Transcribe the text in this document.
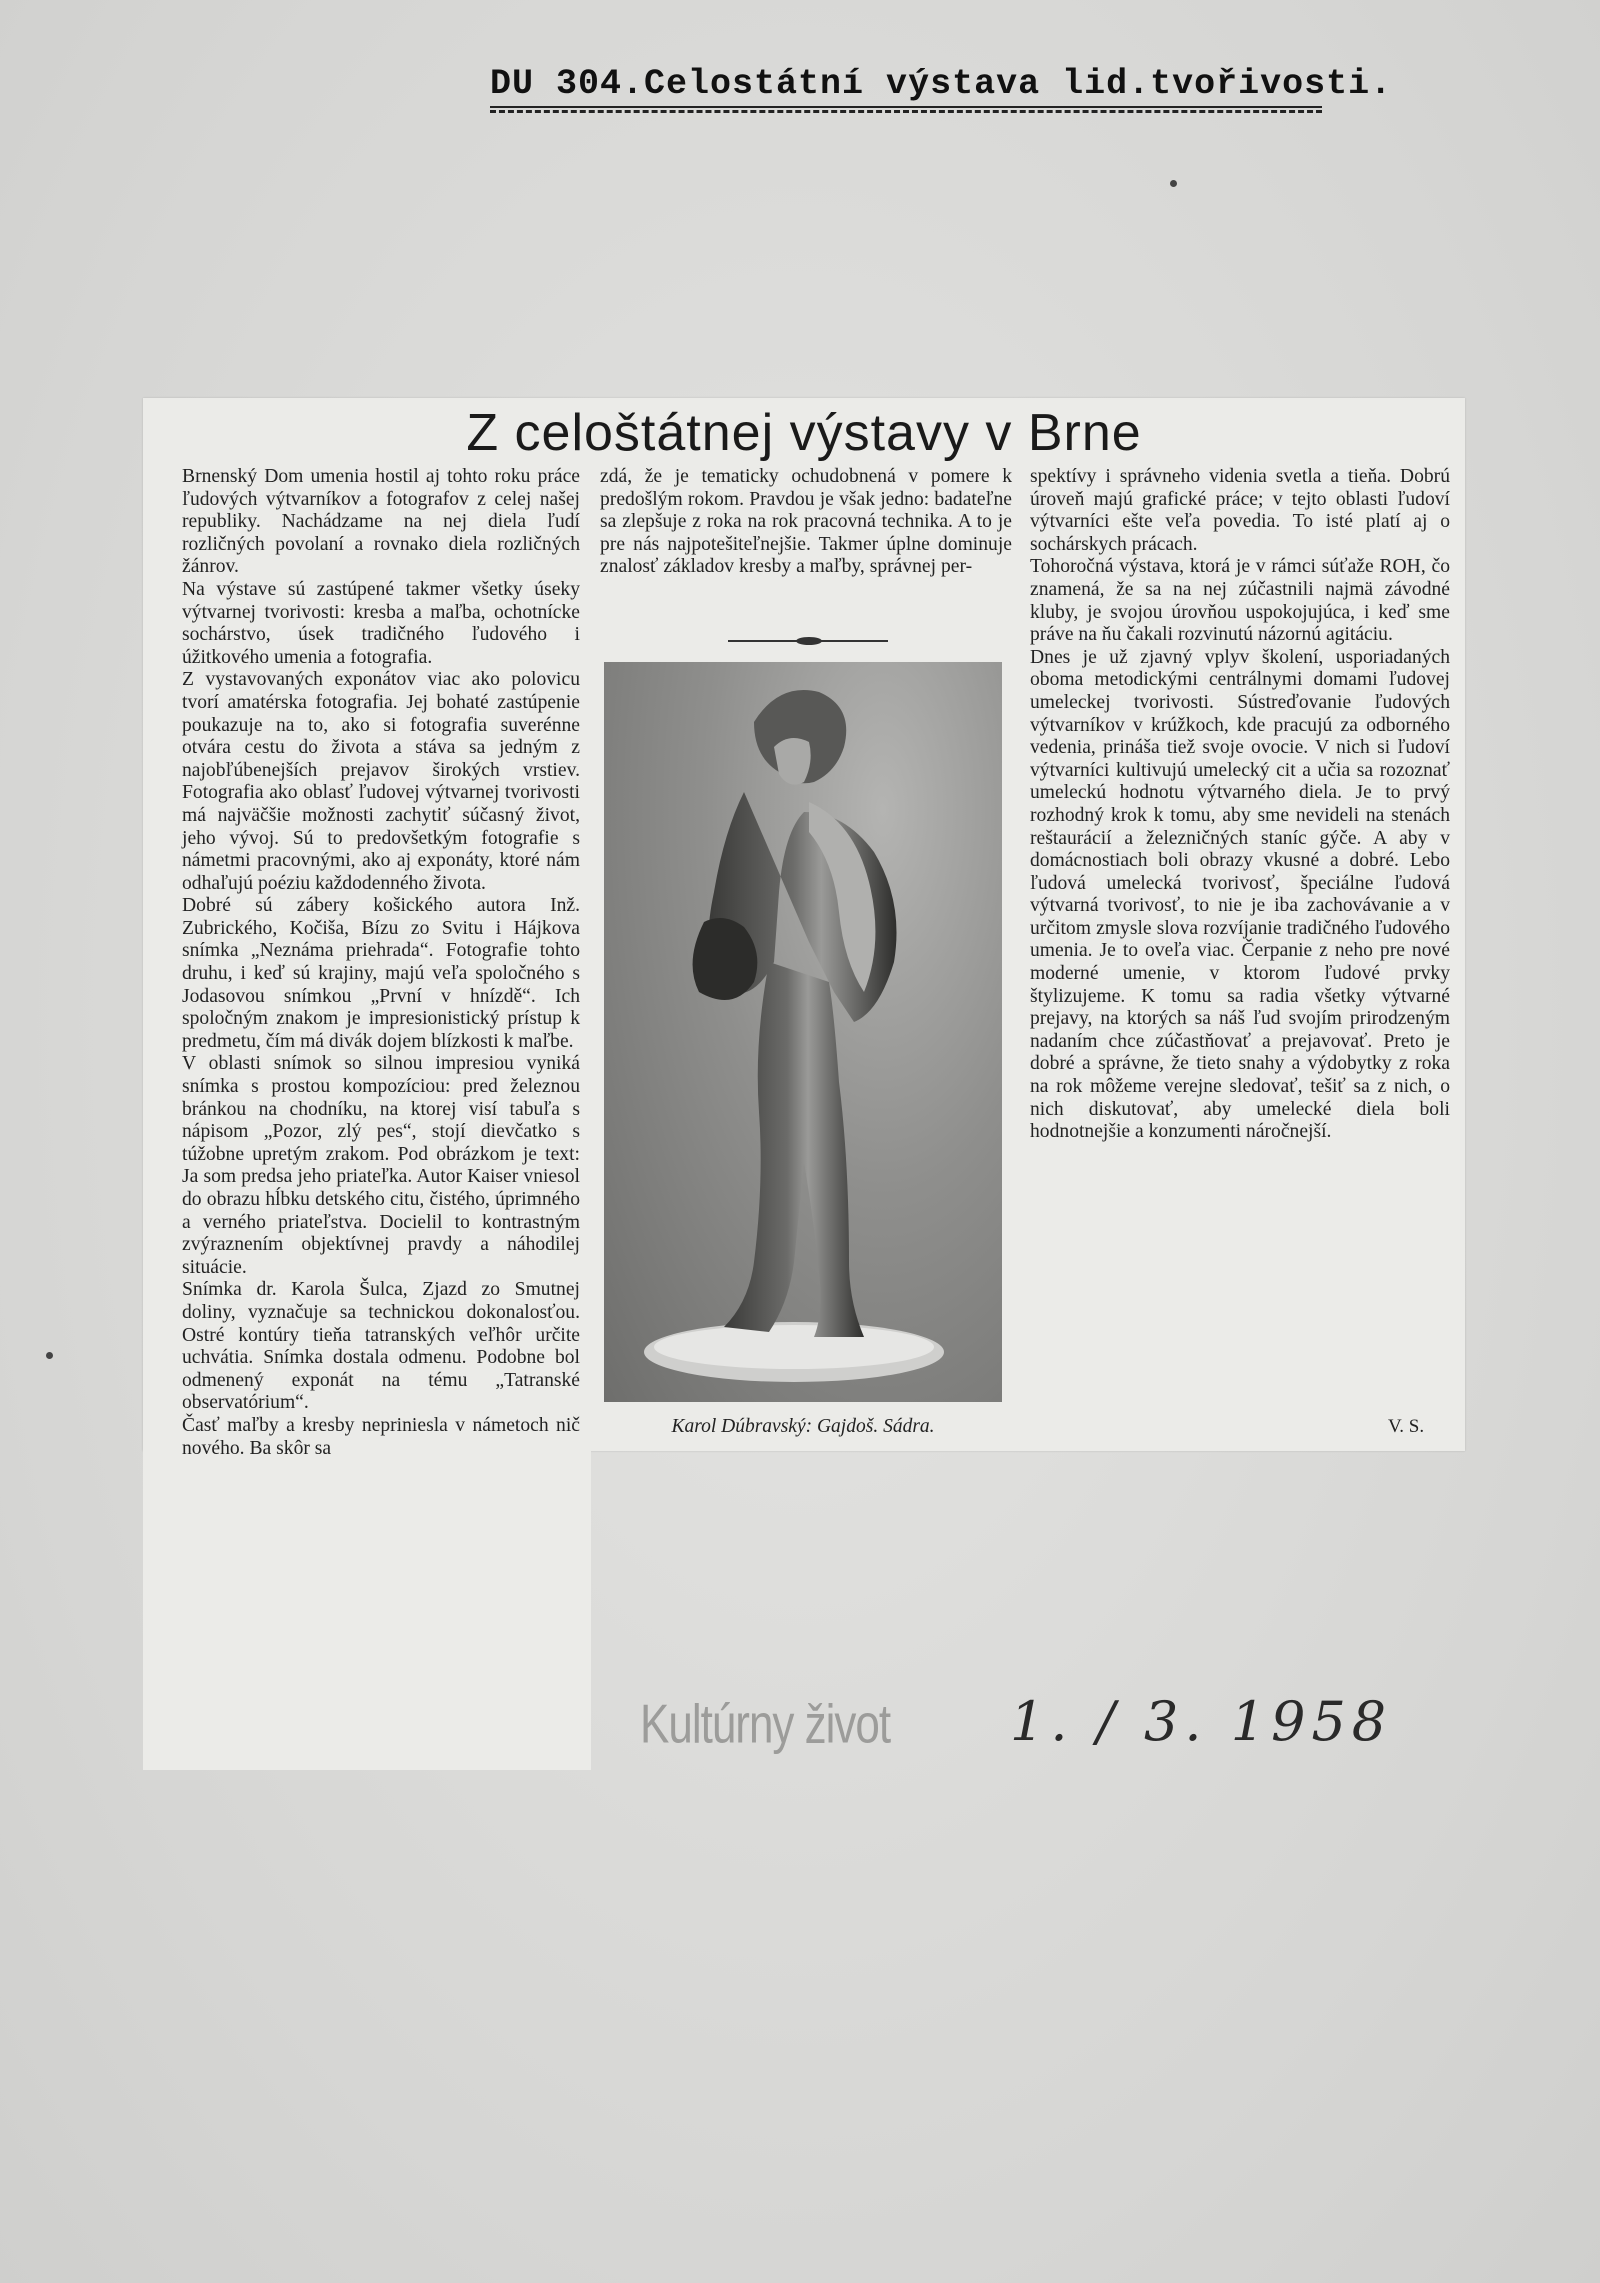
DU 304.Celostátní výstava lid.tvořivosti.
Z celoštátnej výstavy v Brne
Brnenský Dom umenia hostil aj tohto roku práce ľudových výtvarníkov a fotografov z celej našej republiky. Nachádzame na nej diela ľudí rozličných povolaní a rovnako diela rozličných žánrov.
Na výstave sú zastúpené takmer všetky úseky výtvarnej tvorivosti: kresba a maľba, ochotnícke sochárstvo, úsek tradičného ľudového i úžitkového umenia a fotografia.
Z vystavovaných exponátov viac ako polovicu tvorí amatérska fotografia. Jej bohaté zastúpenie poukazuje na to, ako si fotografia suverénne otvára cestu do života a stáva sa jedným z najobľúbenejších prejavov širokých vrstiev. Fotografia ako oblasť ľudovej výtvarnej tvorivosti má najväčšie možnosti zachytiť súčasný život, jeho vývoj. Sú to predovšetkým fotografie s námetmi pracovnými, ako aj exponáty, ktoré nám odhaľujú poéziu každodenného života.
Dobré sú zábery košického autora Inž. Zubrického, Kočiša, Bízu zo Svitu i Hájkova snímka „Neznáma priehrada“. Fotografie tohto druhu, i keď sú krajiny, majú veľa spoločného s Jodasovou snímkou „První v hnízdě“. Ich spoločným znakom je impresionistický prístup k predmetu, čím má divák dojem blízkosti k maľbe.
V oblasti snímok so silnou impresiou vyniká snímka s prostou kompozíciou: pred železnou bránkou na chodníku, na ktorej visí tabuľa s nápisom „Pozor, zlý pes“, stojí dievčatko s túžobne upretým zrakom. Pod obrázkom je text: Ja som predsa jeho priateľka. Autor Kaiser vniesol do obrazu hĺbku detského citu, čistého, úprimného a verného priateľstva. Docielil to kontrastným zvýraznením objektívnej pravdy a náhodilej situácie.
Snímka dr. Karola Šulca, Zjazd zo Smutnej doliny, vyznačuje sa technickou dokonalosťou. Ostré kontúry tieňa tatranských veľhôr určite uchvátia. Snímka dostala odmenu. Podobne bol odmenený exponát na tému „Tatranské observatórium“.
Časť maľby a kresby nepriniesla v námetoch nič nového. Ba skôr sa
zdá, že je tematicky ochudobnená v pomere k predošlým rokom. Pravdou je však jedno: badateľne sa zlepšuje z roka na rok pracovná technika. A to je pre nás najpotešiteľnejšie. Takmer úplne dominuje znalosť základov kresby a maľby, správnej per-
Karol Dúbravský: Gajdoš. Sádra.
spektívy i správneho videnia svetla a tieňa. Dobrú úroveň majú grafické práce; v tejto oblasti ľudoví výtvarníci ešte veľa povedia. To isté platí aj o sochárskych prácach.
Tohoročná výstava, ktorá je v rámci súťaže ROH, čo znamená, že sa na nej zúčastnili najmä závodné kluby, je svojou úrovňou uspokojujúca, i keď sme práve na ňu čakali rozvinutú názornú agitáciu.
Dnes je už zjavný vplyv školení, usporiadaných oboma metodickými centrálnymi domami ľudovej umeleckej tvorivosti. Sústreďovanie ľudových výtvarníkov v krúžkoch, kde pracujú za odborného vedenia, prináša tiež svoje ovocie. V nich si ľudoví výtvarníci kultivujú umelecký cit a učia sa rozoznať umeleckú hodnotu výtvarného diela. Je to prvý rozhodný krok k tomu, aby sme nevideli na stenách reštaurácií a železničných staníc gýče. A aby v domácnostiach boli obrazy vkusné a dobré. Lebo ľudová umelecká tvorivosť, špeciálne ľudová výtvarná tvorivosť, to nie je iba zachovávanie a v určitom zmysle slova rozvíjanie tradičného ľudového umenia. Je to oveľa viac. Čerpanie z neho pre nové moderné umenie, v ktorom ľudové prvky štylizujeme. K tomu sa radia všetky výtvarné prejavy, na ktorých sa náš ľud svojím prirodzeným nadaním chce zúčastňovať a prejavovať. Preto je dobré a správne, že tieto snahy a výdobytky z roka na rok môžeme verejne sledovať, tešiť sa z nich, o nich diskutovať, aby umelecké diela boli hodnotnejšie a konzumenti náročnejší.
V. S.
Kultúrny život 1. / 3. 1958
